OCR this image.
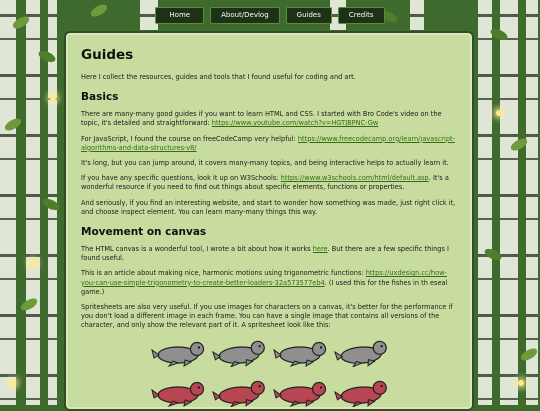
Home	About/Devlog	Guides	Credits
Guides

Here I collect the resources, guides and tools that I found useful for coding and art.

Basics

There are many-many good guides if you want to learn HTML and CSS. I started with Bro Code's video on the topic, it's detailed and straightforward: https://www.youtube.com/watch?v=HGTJBPNC-Gw

For JavaScript, I found the course on freeCodeCamp very helpful: https://www.freecodecamp.org/learn/javascript-algorithms-and-data-structures-v8/

It's long, but you can jump around, it covers many-many topics, and being interactive helps to actually learn it.

If you have any specific questions, look it up on W3Schools: https://www.w3schools.com/html/default.asp. It's a wonderful resource if you need to find out things about specific elements, functions or properties.

And seriously, if you find an interesting website, and start to wonder how something was made, just right click it, and choose inspect element. You can learn many-many things this way.

Movement on canvas

The HTML canvas is a wonderful tool, I wrote a bit about how it works here. But there are a few specific things I found useful.

This is an article about making nice, harmonic motions using trigonometric functions: https://uxdesign.cc/how-you-can-use-simple-trigonometry-to-create-better-loaders-32a573577eb4. (I used this for the fishes in th eseal game.)

Spritesheets are also very useful. If you use images for characters on a canvas, it's better for the performance if you don't load a different image in each frame. You can have a single image that contains all versions of the character, and only show the relevant part of it. A spritesheet look like this:
